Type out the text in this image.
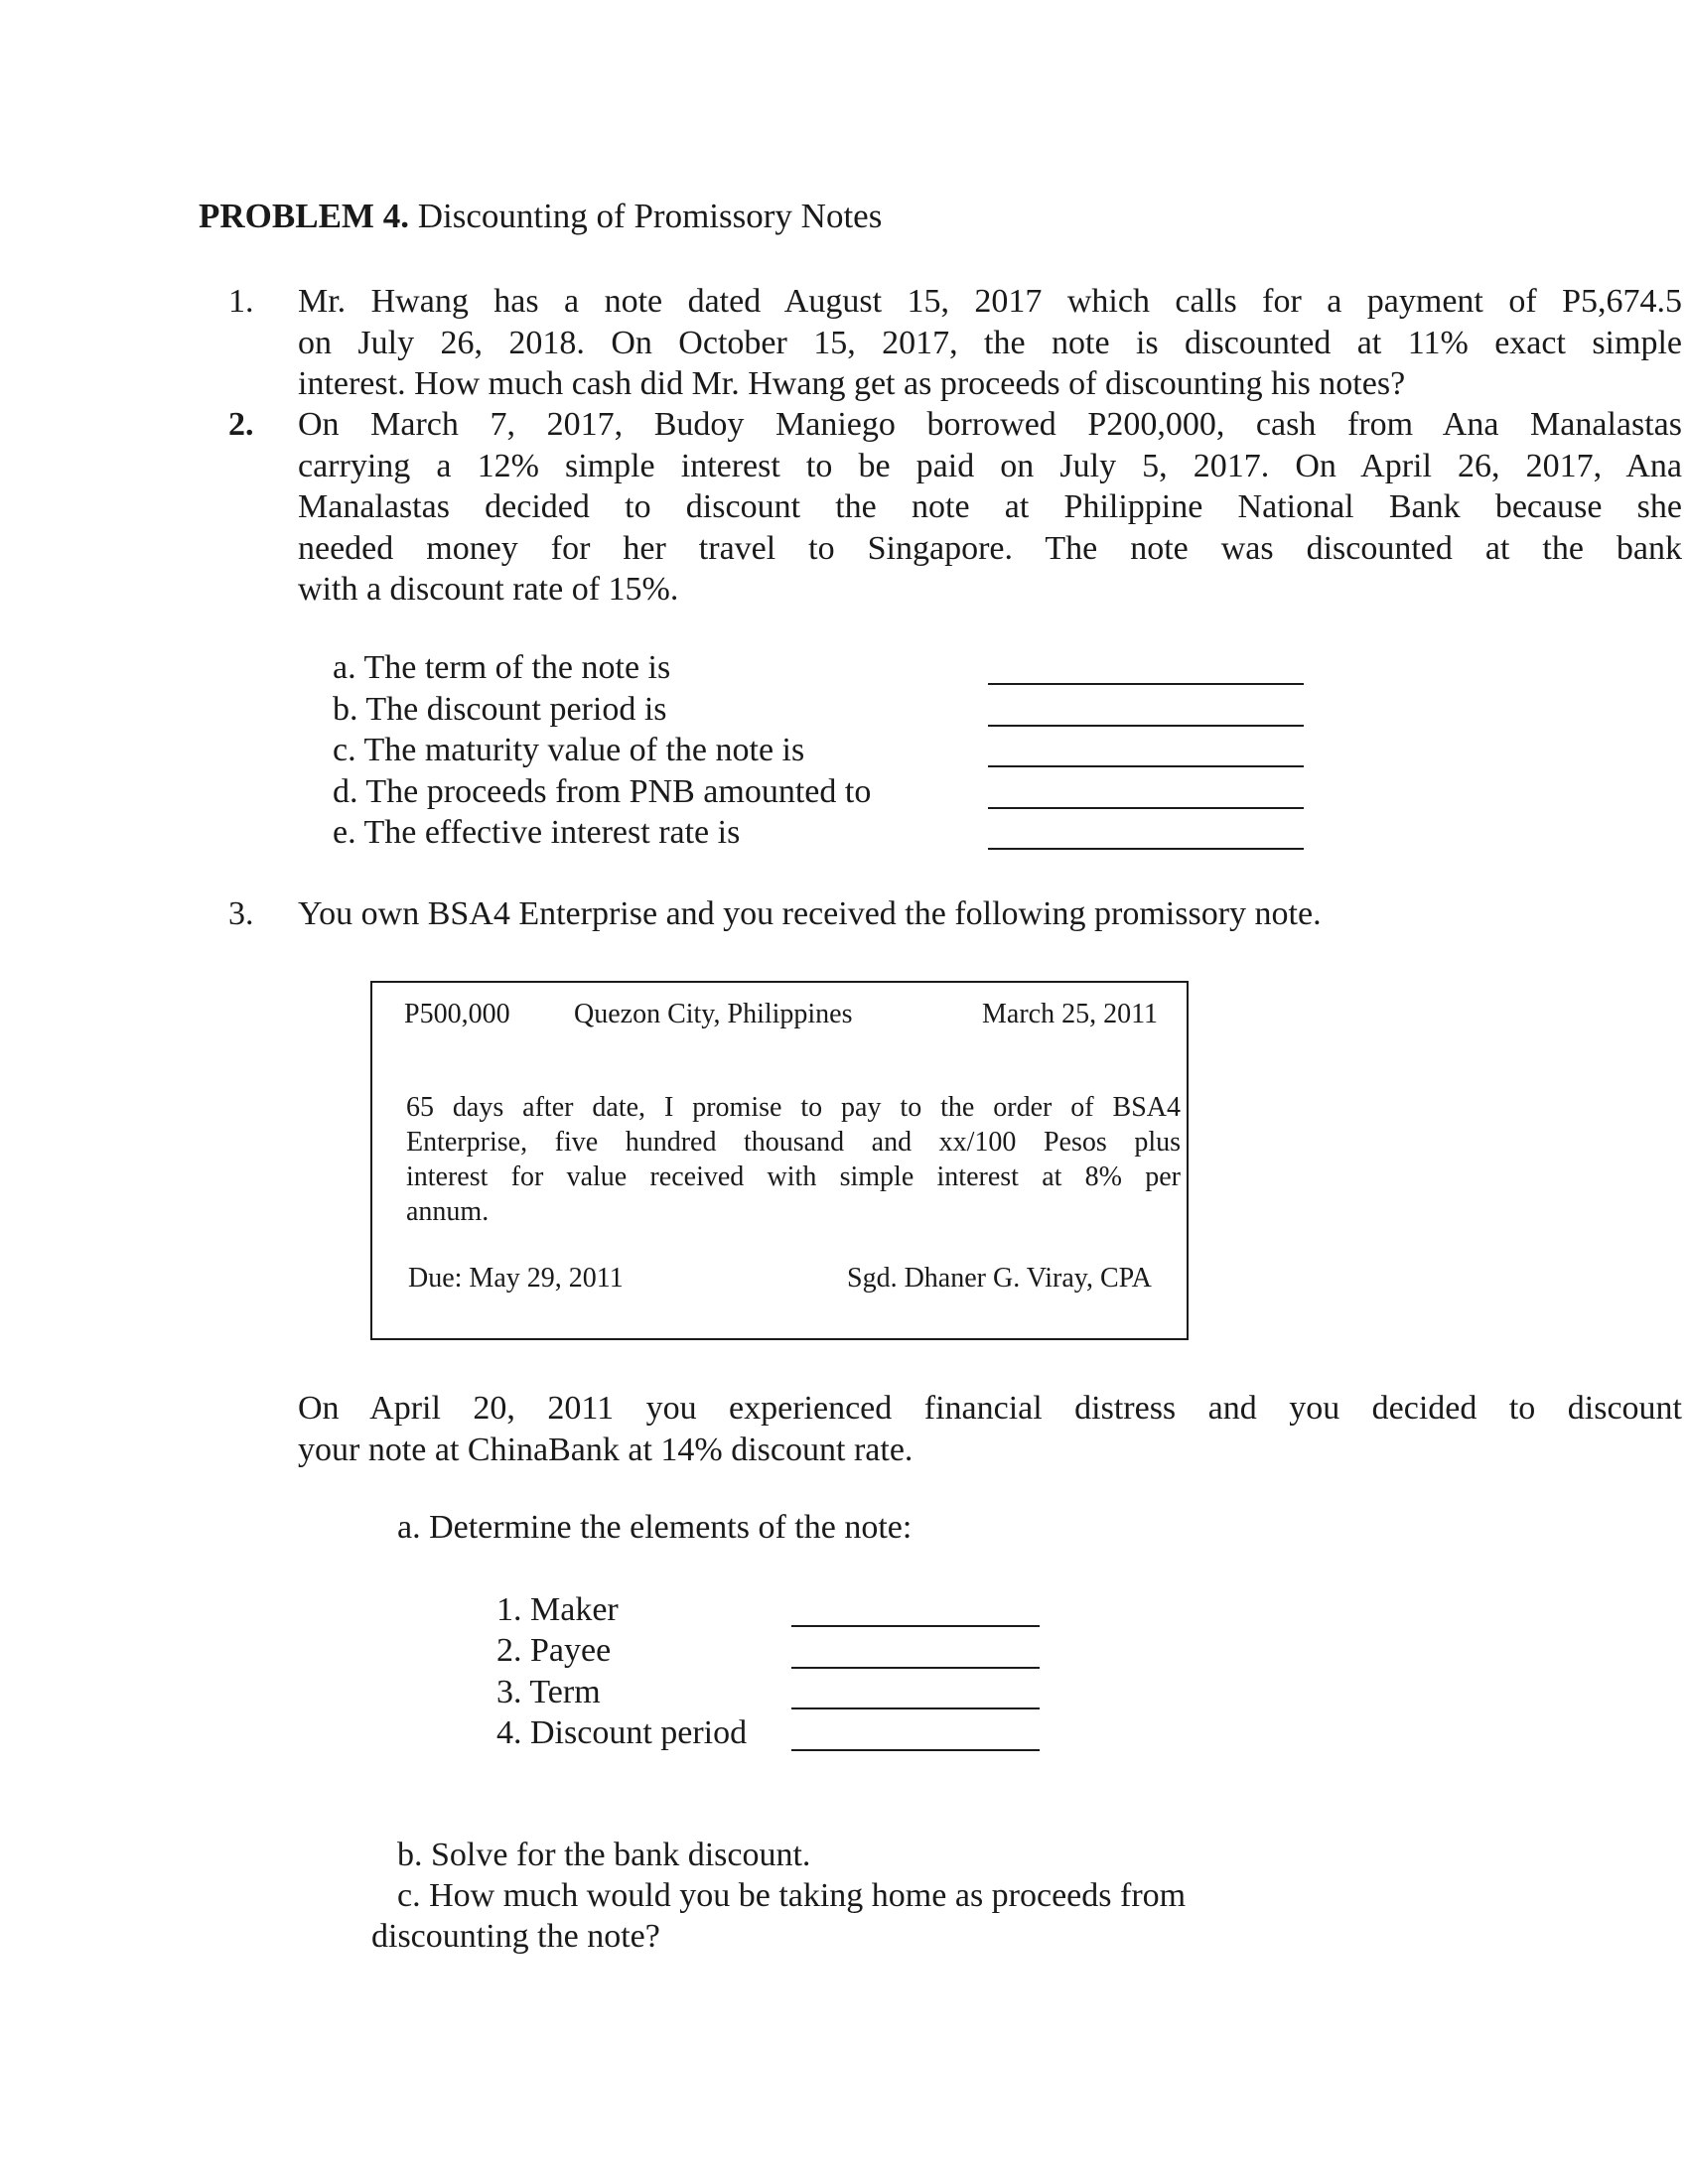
PROBLEM 4. Discounting of Promissory Notes
1.	Mr. Hwang has a note dated August 15, 2017 which calls for a payment of P5,674.5
on July 26, 2018. On October 15, 2017, the note is discounted at 11% exact simple
interest. How much cash did Mr. Hwang get as proceeds of discounting his notes?
2.	On March 7, 2017, Budoy Maniego borrowed P200,000, cash from Ana Manalastas
carrying a 12% simple interest to be paid on July 5, 2017. On April 26, 2017, Ana
Manalastas decided to discount the note at Philippine National Bank because she
needed money for her travel to Singapore. The note was discounted at the bank
with a discount rate of 15%.
a. The term of the note is
b. The discount period is
c. The maturity value of the note is
d. The proceeds from PNB amounted to
e. The effective interest rate is
3. You own BSA4 Enterprise and you received the following promissory note.
P500,000 Quezon City, Philippines	March 25, 2011
65 days after date, I promise to pay to the order of BSA4
Enterprise, five hundred thousand and xx/100 Pesos plus
interest for value received with simple interest at 8% per
annum.
Due: May 29, 2011	Sgd. Dhaner G. Viray, CPA
On April 20, 2011 you experienced financial distress and you decided to discount
your note at ChinaBank at 14% discount rate.
a. Determine the elements of the note:
1. Maker
2. Payee
3. Term
4. Discount period
b. Solve for the bank discount.
c. How much would you be taking home as proceeds from
discounting the note?
